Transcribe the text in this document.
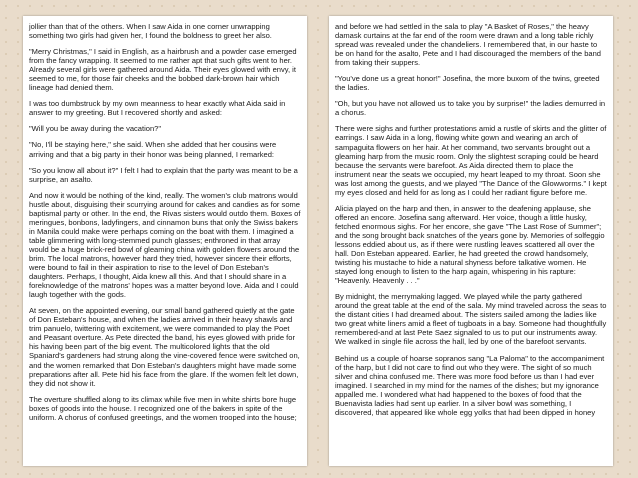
jollier than that of the others. When I saw Aida in one corner unwrapping something two girls had given her, I found the boldness to greet her also.

"Merry Christmas," I said in English, as a hairbrush and a powder case emerged from the fancy wrapping. It seemed to me rather apt that such gifts went to her. Already several girls were gathered around Aida. Their eyes glowed with envy, it seemed to me, for those fair cheeks and the bobbed dark-brown hair which lineage had denied them.

I was too dumbstruck by my own meanness to hear exactly what Aida said in answer to my greeting. But I recovered shortly and asked:

"Will you be away during the vacation?"

"No, I'll be staying here," she said. When she added that her cousins were arriving and that a big party in their honor was being planned, I remarked:

"So you know all about it?" I felt I had to explain that the party was meant to be a surprise, an asalto.

And now it would be nothing of the kind, really. The women's club matrons would hustle about, disguising their scurrying around for cakes and candies as for some baptismal party or other. In the end, the Rivas sisters would outdo them. Boxes of meringues, bonbons, ladyfingers, and cinnamon buns that only the Swiss bakers in Manila could make were perhaps coming on the boat with them. I imagined a table glimmering with long-stemmed punch glasses; enthroned in that array would be a huge brick-red bowl of gleaming china with golden flowers around the brim. The local matrons, however hard they tried, however sincere their efforts, were bound to fail in their aspiration to rise to the level of Don Esteban's daughters. Perhaps, I thought, Aida knew all this. And that I should share in a foreknowledge of the matrons' hopes was a matter beyond love. Aida and I could laugh together with the gods.

At seven, on the appointed evening, our small band gathered quietly at the gate of Don Esteban's house, and when the ladies arrived in their heavy shawls and trim panuelo, twittering with excitement, we were commanded to play the Poet and Peasant overture. As Pete directed the band, his eyes glowed with pride for his having been part of the big event. The multicolored lights that the old Spaniard's gardeners had strung along the vine-covered fence were switched on, and the women remarked that Don Esteban's daughters might have made some preparations after all. Pete hid his face from the glare. If the women felt let down, they did not show it.

The overture shuffled along to its climax while five men in white shirts bore huge boxes of goods into the house. I recognized one of the bakers in spite of the uniform. A chorus of confused greetings, and the women trooped into the house;

and before we had settled in the sala to play "A Basket of Roses," the heavy damask curtains at the far end of the room were drawn and a long table richly spread was revealed under the chandeliers. I remembered that, in our haste to be on hand for the asalto, Pete and I had discouraged the members of the band from taking their suppers.

"You've done us a great honor!" Josefina, the more buxom of the twins, greeted the ladies.

"Oh, but you have not allowed us to take you by surprise!" the ladies demurred in a chorus.

There were sighs and further protestations amid a rustle of skirts and the glitter of earrings. I saw Aida in a long, flowing white gown and wearing an arch of sampaguita flowers on her hair. At her command, two servants brought out a gleaming harp from the music room. Only the slightest scraping could be heard because the servants were barefoot. As Aida directed them to place the instrument near the seats we occupied, my heart leaped to my throat. Soon she was lost among the guests, and we played "The Dance of the Glowworms." I kept my eyes closed and held for as long as I could her radiant figure before me.

Alicia played on the harp and then, in answer to the deafening applause, she offered an encore. Josefina sang afterward. Her voice, though a little husky, fetched enormous sighs. For her encore, she gave "The Last Rose of Summer"; and the song brought back snatches of the years gone by. Memories of solfeggio lessons eddied about us, as if there were rustling leaves scattered all over the hall. Don Esteban appeared. Earlier, he had greeted the crowd handsomely, twisting his mustache to hide a natural shyness before talkative women. He stayed long enough to listen to the harp again, whispering in his rapture: "Heavenly. Heavenly . . ."

By midnight, the merrymaking lagged. We played while the party gathered around the great table at the end of the sala. My mind traveled across the seas to the distant cities I had dreamed about. The sisters sailed among the ladies like two great white liners amid a fleet of tugboats in a bay. Someone had thoughtfully remembered-and at last Pete Saez signaled to us to put our instruments away. We walked in single file across the hall, led by one of the barefoot servants.

Behind us a couple of hoarse sopranos sang "La Paloma" to the accompaniment of the harp, but I did not care to find out who they were. The sight of so much silver and china confused me. There was more food before us than I had ever imagined. I searched in my mind for the names of the dishes; but my ignorance appalled me. I wondered what had happened to the boxes of food that the Buenavista ladies had sent up earlier. In a silver bowl was something, I discovered, that appeared like whole egg yolks that had been dipped in honey
